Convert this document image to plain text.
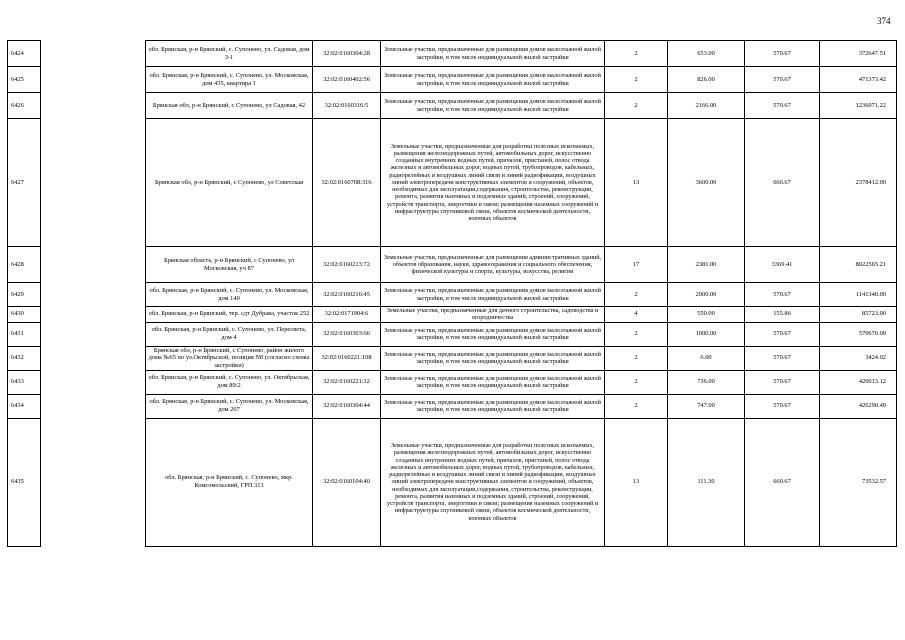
374
6424		обл. Брянская, р-н Брянский, с. Супонево, ул. Садовая, дом 3-1	32:02:0160304:28	Земельные участки, предназначенные для размещения домов малоэтажной жилой застройки, в том числе индивидуальной жилой застройки	2	653.00	570.67	372647.51
6425		обл. Брянская, р-н Брянский, с. Супонево, ул. Московская, дом 435, квартира 1	32:02:0160402:56	Земельные участки, предназначенные для размещения домов малоэтажной жилой застройки, в том числе индивидуальной жилой застройки	2	826.00	570.67	471373.42
6426		Брянская обл, р-н Брянский, с Супонево, ул Садовая, 42	32:02:0160316:5	Земельные участки, предназначенные для размещения домов малоэтажной жилой застройки, в том числе индивидуальной жилой застройки	2	2166.00	570.67	1236071.22
6427		Брянская обл, р-н Брянский, с Супонево, ул Советская	32:02:0160708:316	Земельные участки, предназначенные для разработки полезных ископаемых, размещения железнодорожных путей, автомобильных дорог, искусственно созданных внутренних водных путей, причалов, пристаней, полос отвода железных и автомобильных дорог, водных путей, трубопроводов, кабельных, радиорелейных и воздушных линий связи и линий радиофикации, воздушных линий электропередачи конструктивных элементов и сооружений, объектов, необходимых для эксплуатации,содержания, строительства, реконструкции, ремонта, развития наземных и подземных зданий, строений, сооружений, устройств транспорта, энергетики и связи; размещения наземных сооружений и инфраструктуры спутниковой связи, объектов космической деятельности, военных объектов	13	3600.00	660.67	2378412.00
6428		Брянская область, р-н Брянский, с Супонево, ул Московская, уч 87	32:02:0160213:72	Земельные участки, предназначенные для размещения административных зданий, объектов образования, науки, здравоохранения и социального обеспечения, физической культуры и спорта, культуры, искусства, религии	17	2381.00	3369.41	8022565.21
6429		обл. Брянская, р-н Брянский, с. Супонево, ул. Московская, дом 140	32:02:0160216:45	Земельные участки, предназначенные для размещения домов малоэтажной жилой застройки, в том числе индивидуальной жилой застройки	2	2000.00	570.67	1141340.00
6430		обл. Брянская, р-н Брянский, тер. сдт Дубрава, участок 252	32:02:0171904:6	Земельные участки, предназначенные для дачного строительства, садоводства и огородничества	4	550.00	155.86	85723.00
6431		обл. Брянская, р-н Брянский, с. Супонево, ул. Пересвета, дом 4	32:02:0160303:66	Земельные участки, предназначенные для размещения домов малоэтажной жилой застройки, в том числе индивидуальной жилой застройки	2	1000.00	570.67	570670.00
6432		Брянская обл, р-н Брянский, с Супонево, район жилого дома №65 по ул.Октябрьской, позиция N8 (согласно схемы застройки)	32:02:0160221:108	Земельные участки, предназначенные для размещения домов малоэтажной жилой застройки, в том числе индивидуальной жилой застройки	2	6.00	570.67	3424.02
6433		обл. Брянская, р-н Брянский, с. Супонево, ул. Октябрьская, дом 89/2	32:02:0160221:32	Земельные участки, предназначенные для размещения домов малоэтажной жилой застройки, в том числе индивидуальной жилой застройки	2	736.00	570.67	420013.12
6434		обл. Брянская, р-н Брянский, с. Супонево, ул. Московская, дом 207	32:02:0160304:44	Земельные участки, предназначенные для размещения домов малоэтажной жилой застройки, в том числе индивидуальной жилой застройки	2	747.00	570.67	426290.49
6435		обл. Брянская, р-н Брянский, с. Супонево, мкр. Комсомольский, ГРП 313	32:02:0160104:40	Земельные участки, предназначенные для разработки полезных ископаемых, размещения железнодорожных путей, автомобильных дорог, искусственно созданных внутренних водных путей, причалов, пристаней, полос отвода железных и автомобильных дорог, водных путей, трубопроводов, кабельных, радиорелейных и воздушных линий связи и линий радиофикации, воздушных линий электропередачи конструктивных элементов и сооружений, объектов, необходимых для эксплуатации,содержания, строительства, реконструкции, ремонта, развития наземных и подземных зданий, строений, сооружений, устройств транспорта, энергетики и связи; размещения наземных сооружений и инфраструктуры спутниковой связи, объектов космической деятельности, военных объектов	13	111.30	660.67	73532.57
